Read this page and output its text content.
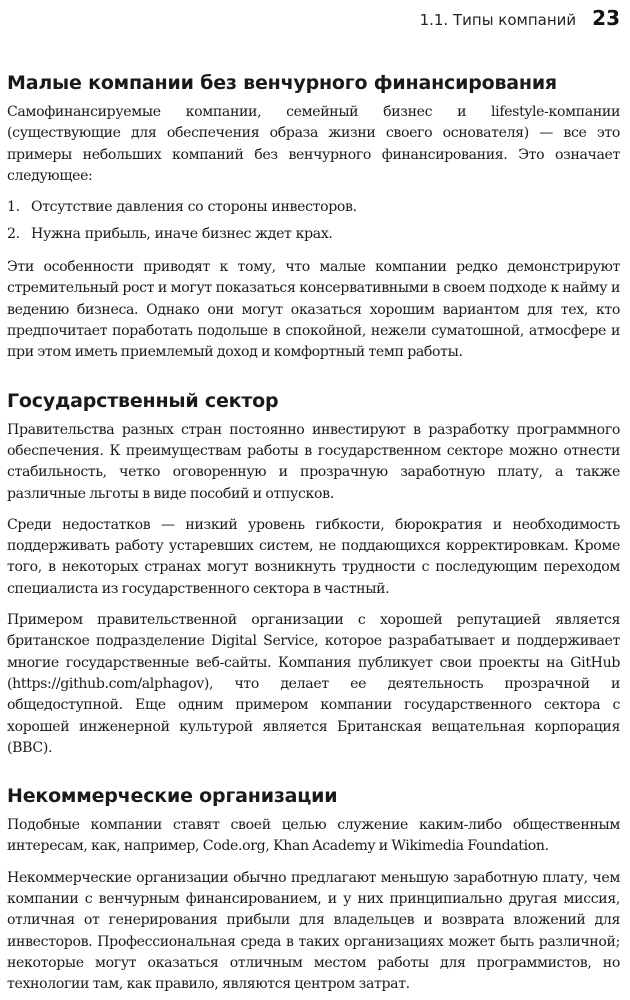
1.1. Типы компаний 23
Малые компании без венчурного финансирования

Самофинансируемые компании, семейный бизнес и lifestyle-компании (существующие для обеспечения образа жизни своего основателя) — все это примеры небольших компаний без венчурного финансирования. Это означает следующее:

1. Отсутствие давления со стороны инвесторов.
2. Нужна прибыль, иначе бизнес ждет крах.

Эти особенности приводят к тому, что малые компании редко демонстрируют стремительный рост и могут показаться консервативными в своем подходе к найму и ведению бизнеса. Однако они могут оказаться хорошим вариантом для тех, кто предпочитает поработать подольше в спокойной, нежели суматошной, атмосфере и при этом иметь приемлемый доход и комфортный темп работы.

Государственный сектор

Правительства разных стран постоянно инвестируют в разработку программного обеспечения. К преимуществам работы в государственном секторе можно отнести стабильность, четко оговоренную и прозрачную заработную плату, а также различные льготы в виде пособий и отпусков.

Среди недостатков — низкий уровень гибкости, бюрократия и необходимость поддерживать работу устаревших систем, не поддающихся корректировкам. Кроме того, в некоторых странах могут возникнуть трудности с последующим переходом специалиста из государственного сектора в частный.

Примером правительственной организации с хорошей репутацией является британское подразделение Digital Service, которое разрабатывает и поддерживает многие государственные веб-сайты. Компания публикует свои проекты на GitHub (https://github.com/alphagov), что делает ее деятельность прозрачной и общедоступной. Еще одним примером компании государственного сектора с хорошей инженерной культурой является Британская вещательная корпорация (BBC).

Некоммерческие организации

Подобные компании ставят своей целью служение каким-либо общественным интересам, как, например, Code.org, Khan Academy и Wikimedia Foundation.

Некоммерческие организации обычно предлагают меньшую заработную плату, чем компании с венчурным финансированием, и у них принципиально другая миссия, отличная от генерирования прибыли для владельцев и возврата вложений для инвесторов. Профессиональная среда в таких организациях может быть различной; некоторые могут оказаться отличным местом работы для программистов, но технологии там, как правило, являются центром затрат.
